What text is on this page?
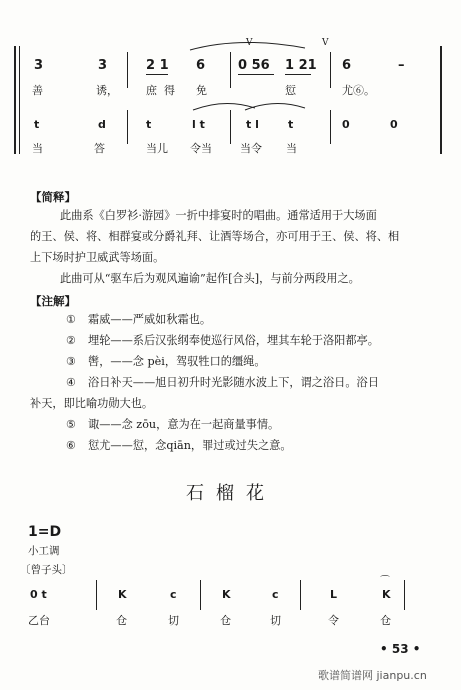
V	V
3	3	2 1 6	0 56 1 21 6	–
善	诱，	庶 得 免	愆	尤⑥。
t	d	t	l t	t l	t	0	0
当	答	当儿 令当	当令 当
【简释】
此曲系《白罗衫·游园》一折中排宴时的唱曲。通常适用于大场面
的王、侯、将、相群宴或分爵礼拜、让酒等场合，亦可用于王、侯、将、相
上下场时护卫威武等场面。
此曲可从“驱车后为观风遍谕”起作[合头]，与前分两段用之。
【注解】
① 霜威——严威如秋霜也。
② 埋轮——系后汉张纲奉使巡行风俗，埋其车轮于洛阳都亭。
③ 辔，——念 pèi，驾驭牲口的缰绳。
④ 浴日补天——旭日初升时光影随水波上下，谓之浴日。浴日
补天，即比喻功勋大也。
⑤ 诹——念 zōu，意为在一起商量事情。
⑥ 愆尤——愆，念qiān，罪过或过失之意。
石榴花
1=D
小工调
〔曾子头〕
⌒
0 t	K	c	K	c	L	K
乙台	仓	切	仓	切	令	仓
• 53 •
歌谱简谱网 jianpu.cn
